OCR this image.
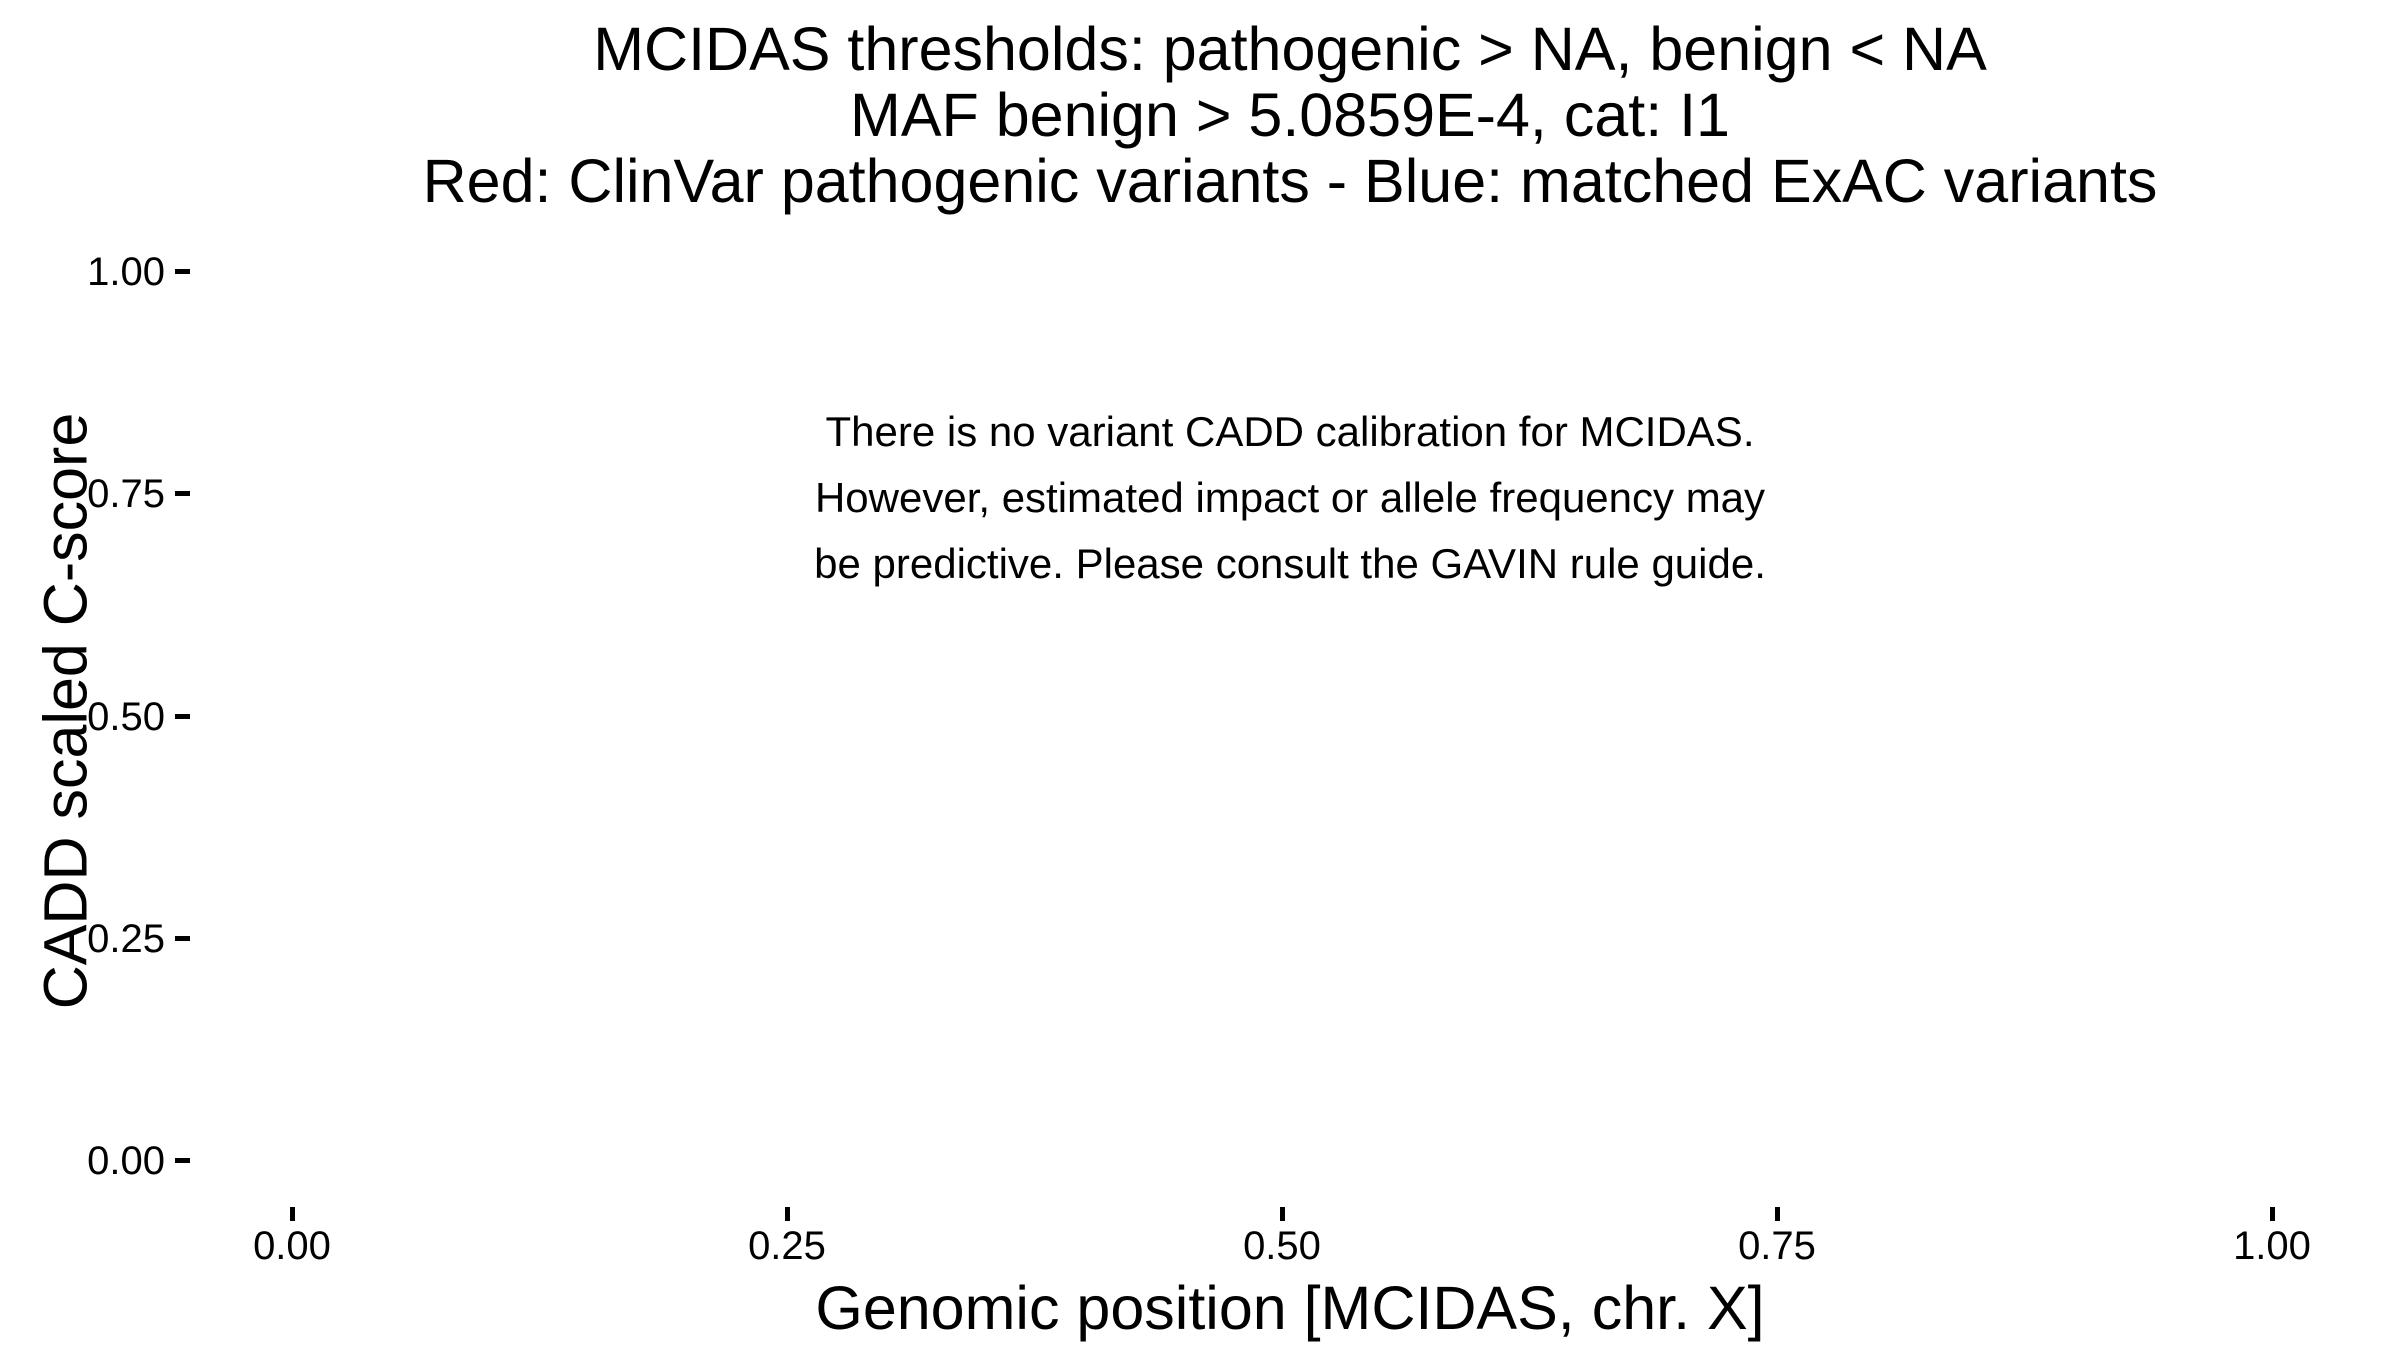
MCIDAS thresholds: pathogenic > NA, benign < NA
MAF benign > 5.0859E-4, cat: I1
Red: ClinVar pathogenic variants - Blue: matched ExAC variants
There is no variant CADD calibration for MCIDAS.
However, estimated impact or allele frequency may
be predictive. Please consult the GAVIN rule guide.
CADD scaled C-score
Genomic position [MCIDAS, chr. X]
1.00
0.75
0.50
0.25
0.00
0.00	0.25	0.50	0.75	1.00
